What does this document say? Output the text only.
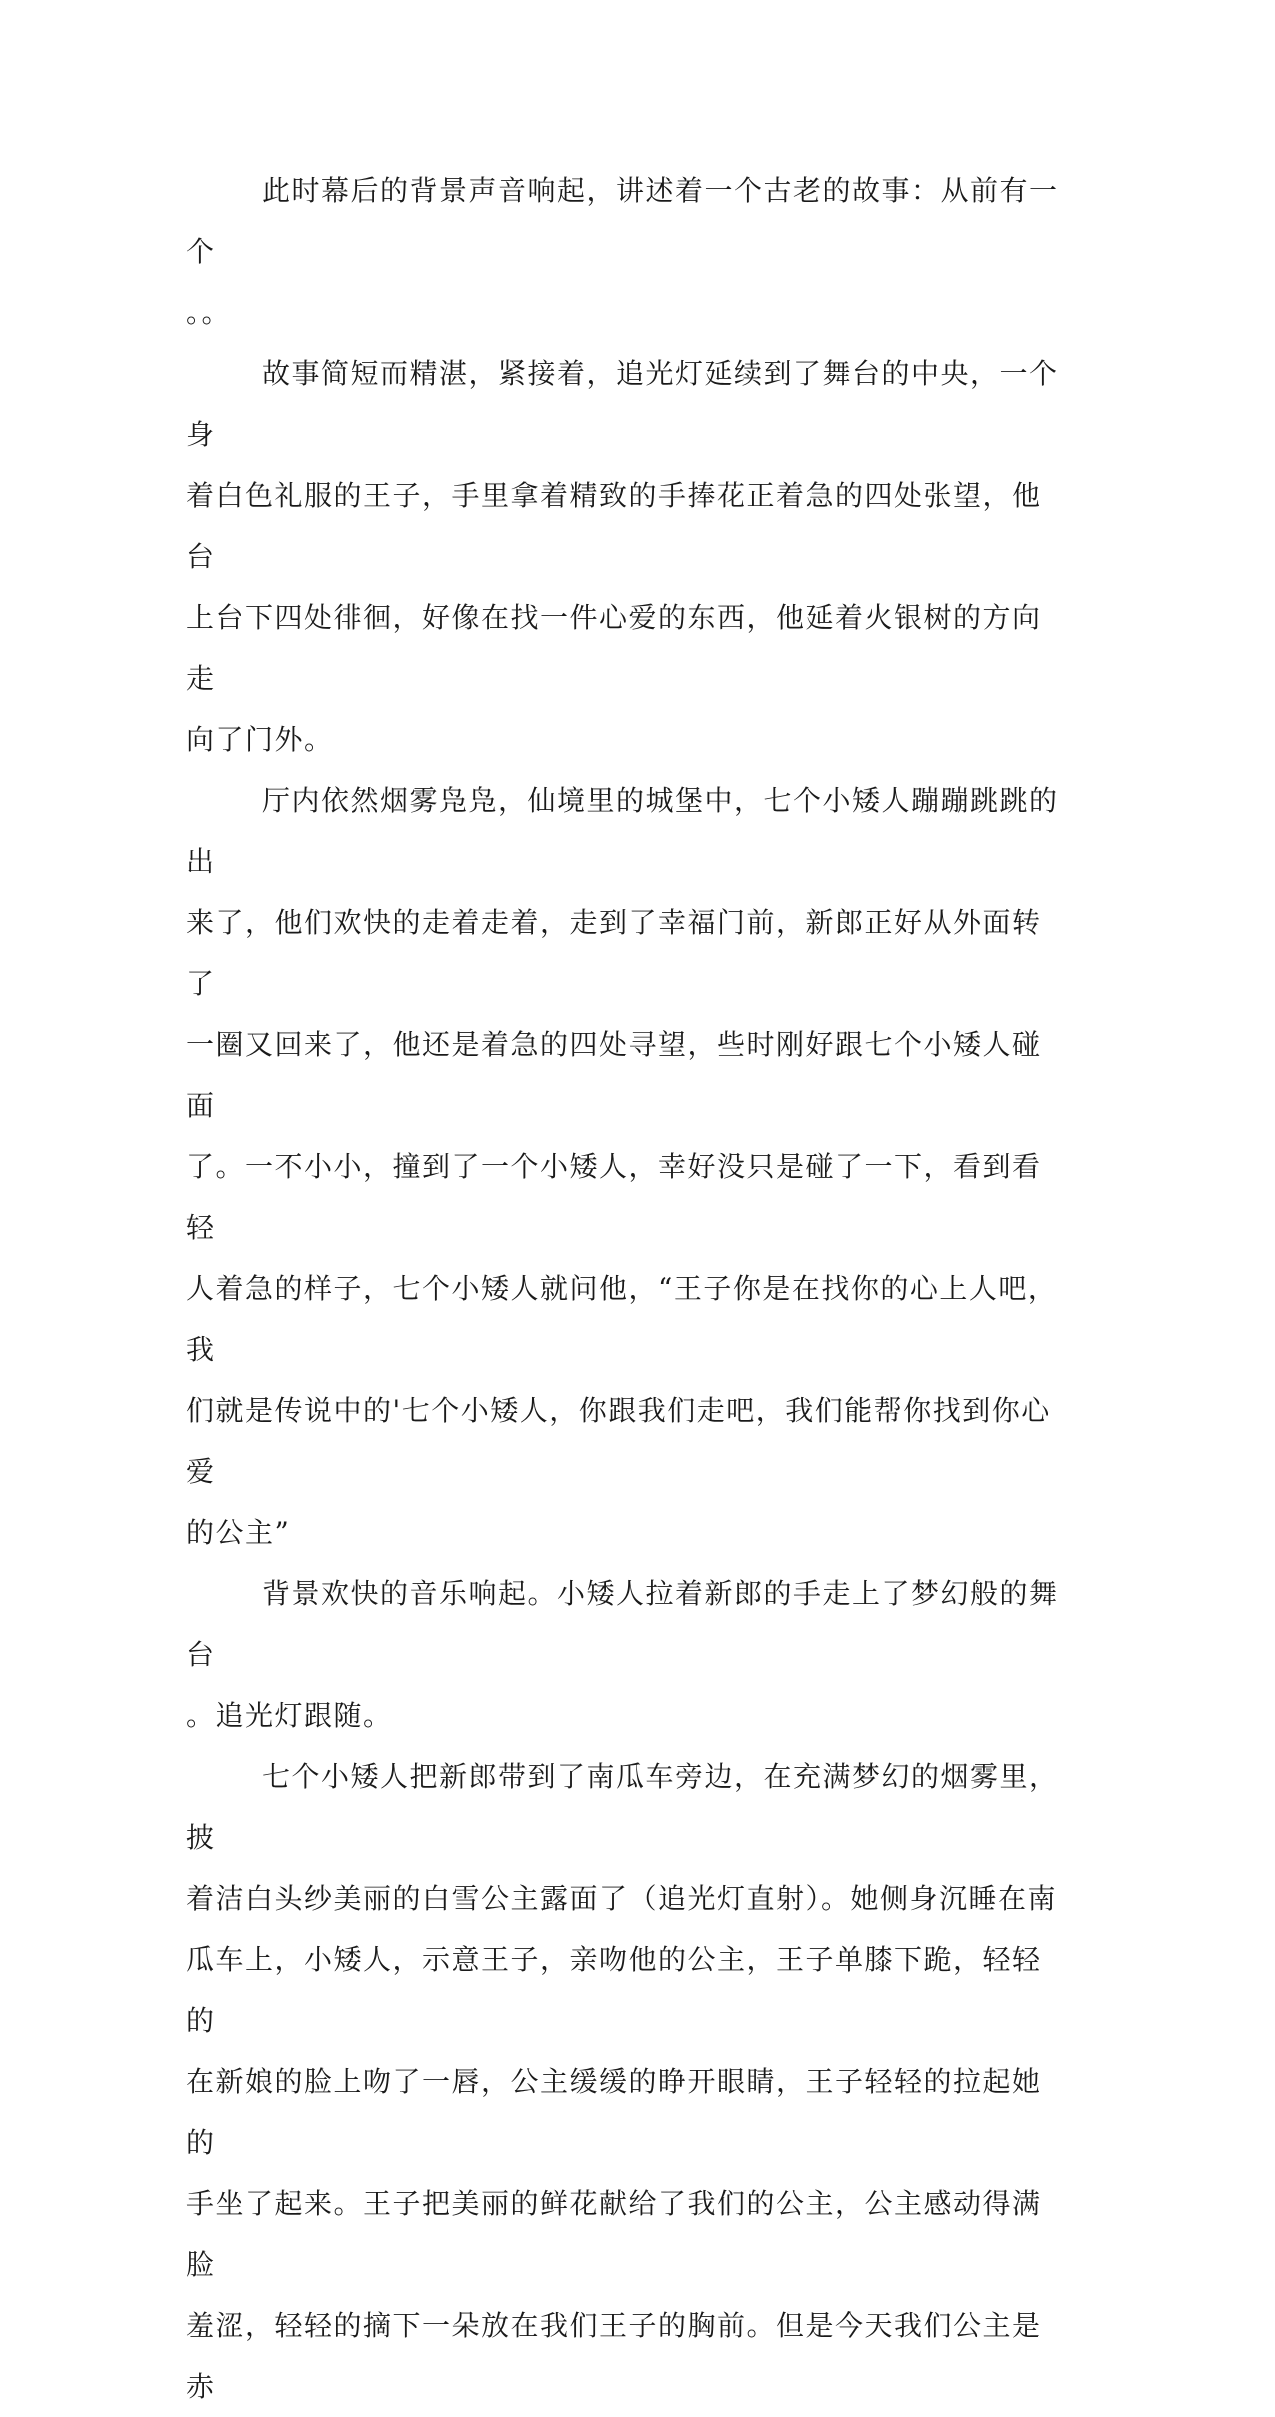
此时幕后的背景声音响起，讲述着一个古老的故事：从前有一个
。。

故事简短而精湛，紧接着，追光灯延续到了舞台的中央，一个身
着白色礼服的王子，手里拿着精致的手捧花正着急的四处张望，他台
上台下四处徘徊，好像在找一件心爱的东西，他延着火银树的方向走
向了门外。

厅内依然烟雾凫凫，仙境里的城堡中，七个小矮人蹦蹦跳跳的出
来了，他们欢快的走着走着，走到了幸福门前，新郎正好从外面转了
一圈又回来了，他还是着急的四处寻望，些时刚好跟七个小矮人碰面
了。一不小小，撞到了一个小矮人，幸好没只是碰了一下，看到看轻
人着急的样子，七个小矮人就问他，“王子你是在找你的心上人吧，我
们就是传说中的'七个小矮人，你跟我们走吧，我们能帮你找到你心爱
的公主”

背景欢快的音乐响起。小矮人拉着新郎的手走上了梦幻般的舞台
。追光灯跟随。

七个小矮人把新郎带到了南瓜车旁边，在充满梦幻的烟雾里，披
着洁白头纱美丽的白雪公主露面了（追光灯直射）。她侧身沉睡在南
瓜车上，小矮人，示意王子，亲吻他的公主，王子单膝下跪，轻轻的
在新娘的脸上吻了一唇，公主缓缓的睁开眼睛，王子轻轻的拉起她的
手坐了起来。王子把美丽的鲜花献给了我们的公主，公主感动得满脸
羞涩，轻轻的摘下一朵放在我们王子的胸前。但是今天我们公主是赤
